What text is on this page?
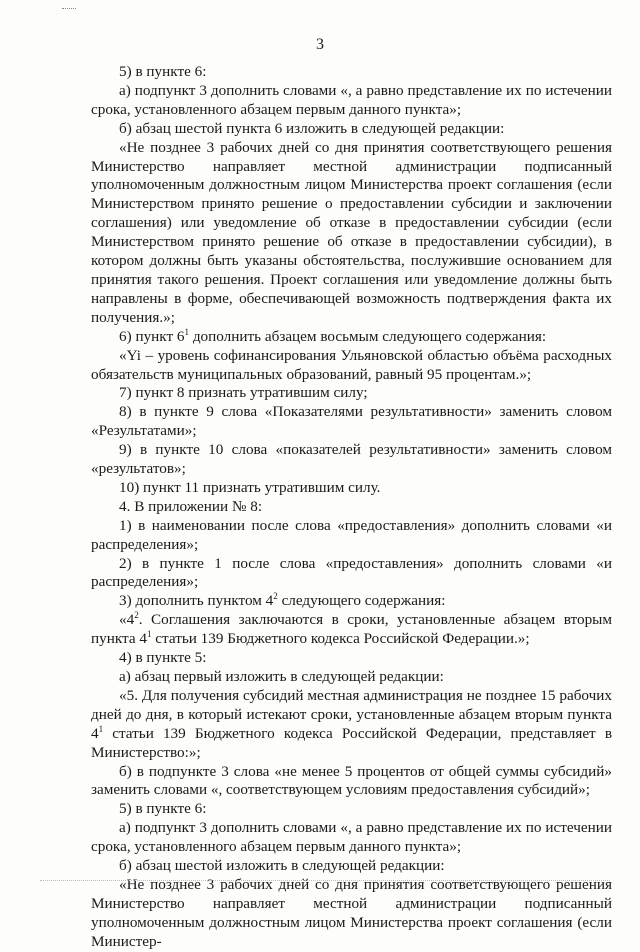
3

5) в пункте 6:

а) подпункт 3 дополнить словами «, а равно представление их по истечении срока, установленного абзацем первым данного пункта»;

б) абзац шестой пункта 6 изложить в следующей редакции:

«Не позднее 3 рабочих дней со дня принятия соответствующего решения Министерство направляет местной администрации подписанный уполномоченным должностным лицом Министерства проект соглашения (если Министерством принято решение о предоставлении субсидии и заключении соглашения) или уведомление об отказе в предоставлении субсидии (если Министерством принято решение об отказе в предоставлении субсидии), в котором должны быть указаны обстоятельства, послужившие основанием для принятия такого решения. Проект соглашения или уведомление должны быть направлены в форме, обеспечивающей возможность подтверждения факта их получения.»;

6) пункт $6^1$ дополнить абзацем восьмым следующего содержания:

«Yi – уровень софинансирования Ульяновской областью объёма расходных обязательств муниципальных образований, равный 95 процентам.»;

7) пункт 8 признать утратившим силу;

8) в пункте 9 слова «Показателями результативности» заменить словом «Результатами»;

9) в пункте 10 слова «показателей результативности» заменить словом «результатов»;

10) пункт 11 признать утратившим силу.

4. В приложении № 8:

1) в наименовании после слова «предоставления» дополнить словами «и распределения»;

2) в пункте 1 после слова «предоставления» дополнить словами «и распределения»;

3) дополнить пунктом $4^2$ следующего содержания:

«$4^2$. Соглашения заключаются в сроки, установленные абзацем вторым пункта $4^1$ статьи 139 Бюджетного кодекса Российской Федерации.»;

4) в пункте 5:

а) абзац первый изложить в следующей редакции:

«5. Для получения субсидий местная администрация не позднее 15 рабочих дней до дня, в который истекают сроки, установленные абзацем вторым пункта $4^1$ статьи 139 Бюджетного кодекса Российской Федерации, представляет в Министерство:»;

б) в подпункте 3 слова «не менее 5 процентов от общей суммы субсидий» заменить словами «, соответствующем условиям предоставления субсидий»;

5) в пункте 6:

а) подпункт 3 дополнить словами «, а равно представление их по истечении срока, установленного абзацем первым данного пункта»;

б) абзац шестой изложить в следующей редакции:

«Не позднее 3 рабочих дней со дня принятия соответствующего решения Министерство направляет местной администрации подписанный уполномоченным должностным лицом Министерства проект соглашения (если Министер-
